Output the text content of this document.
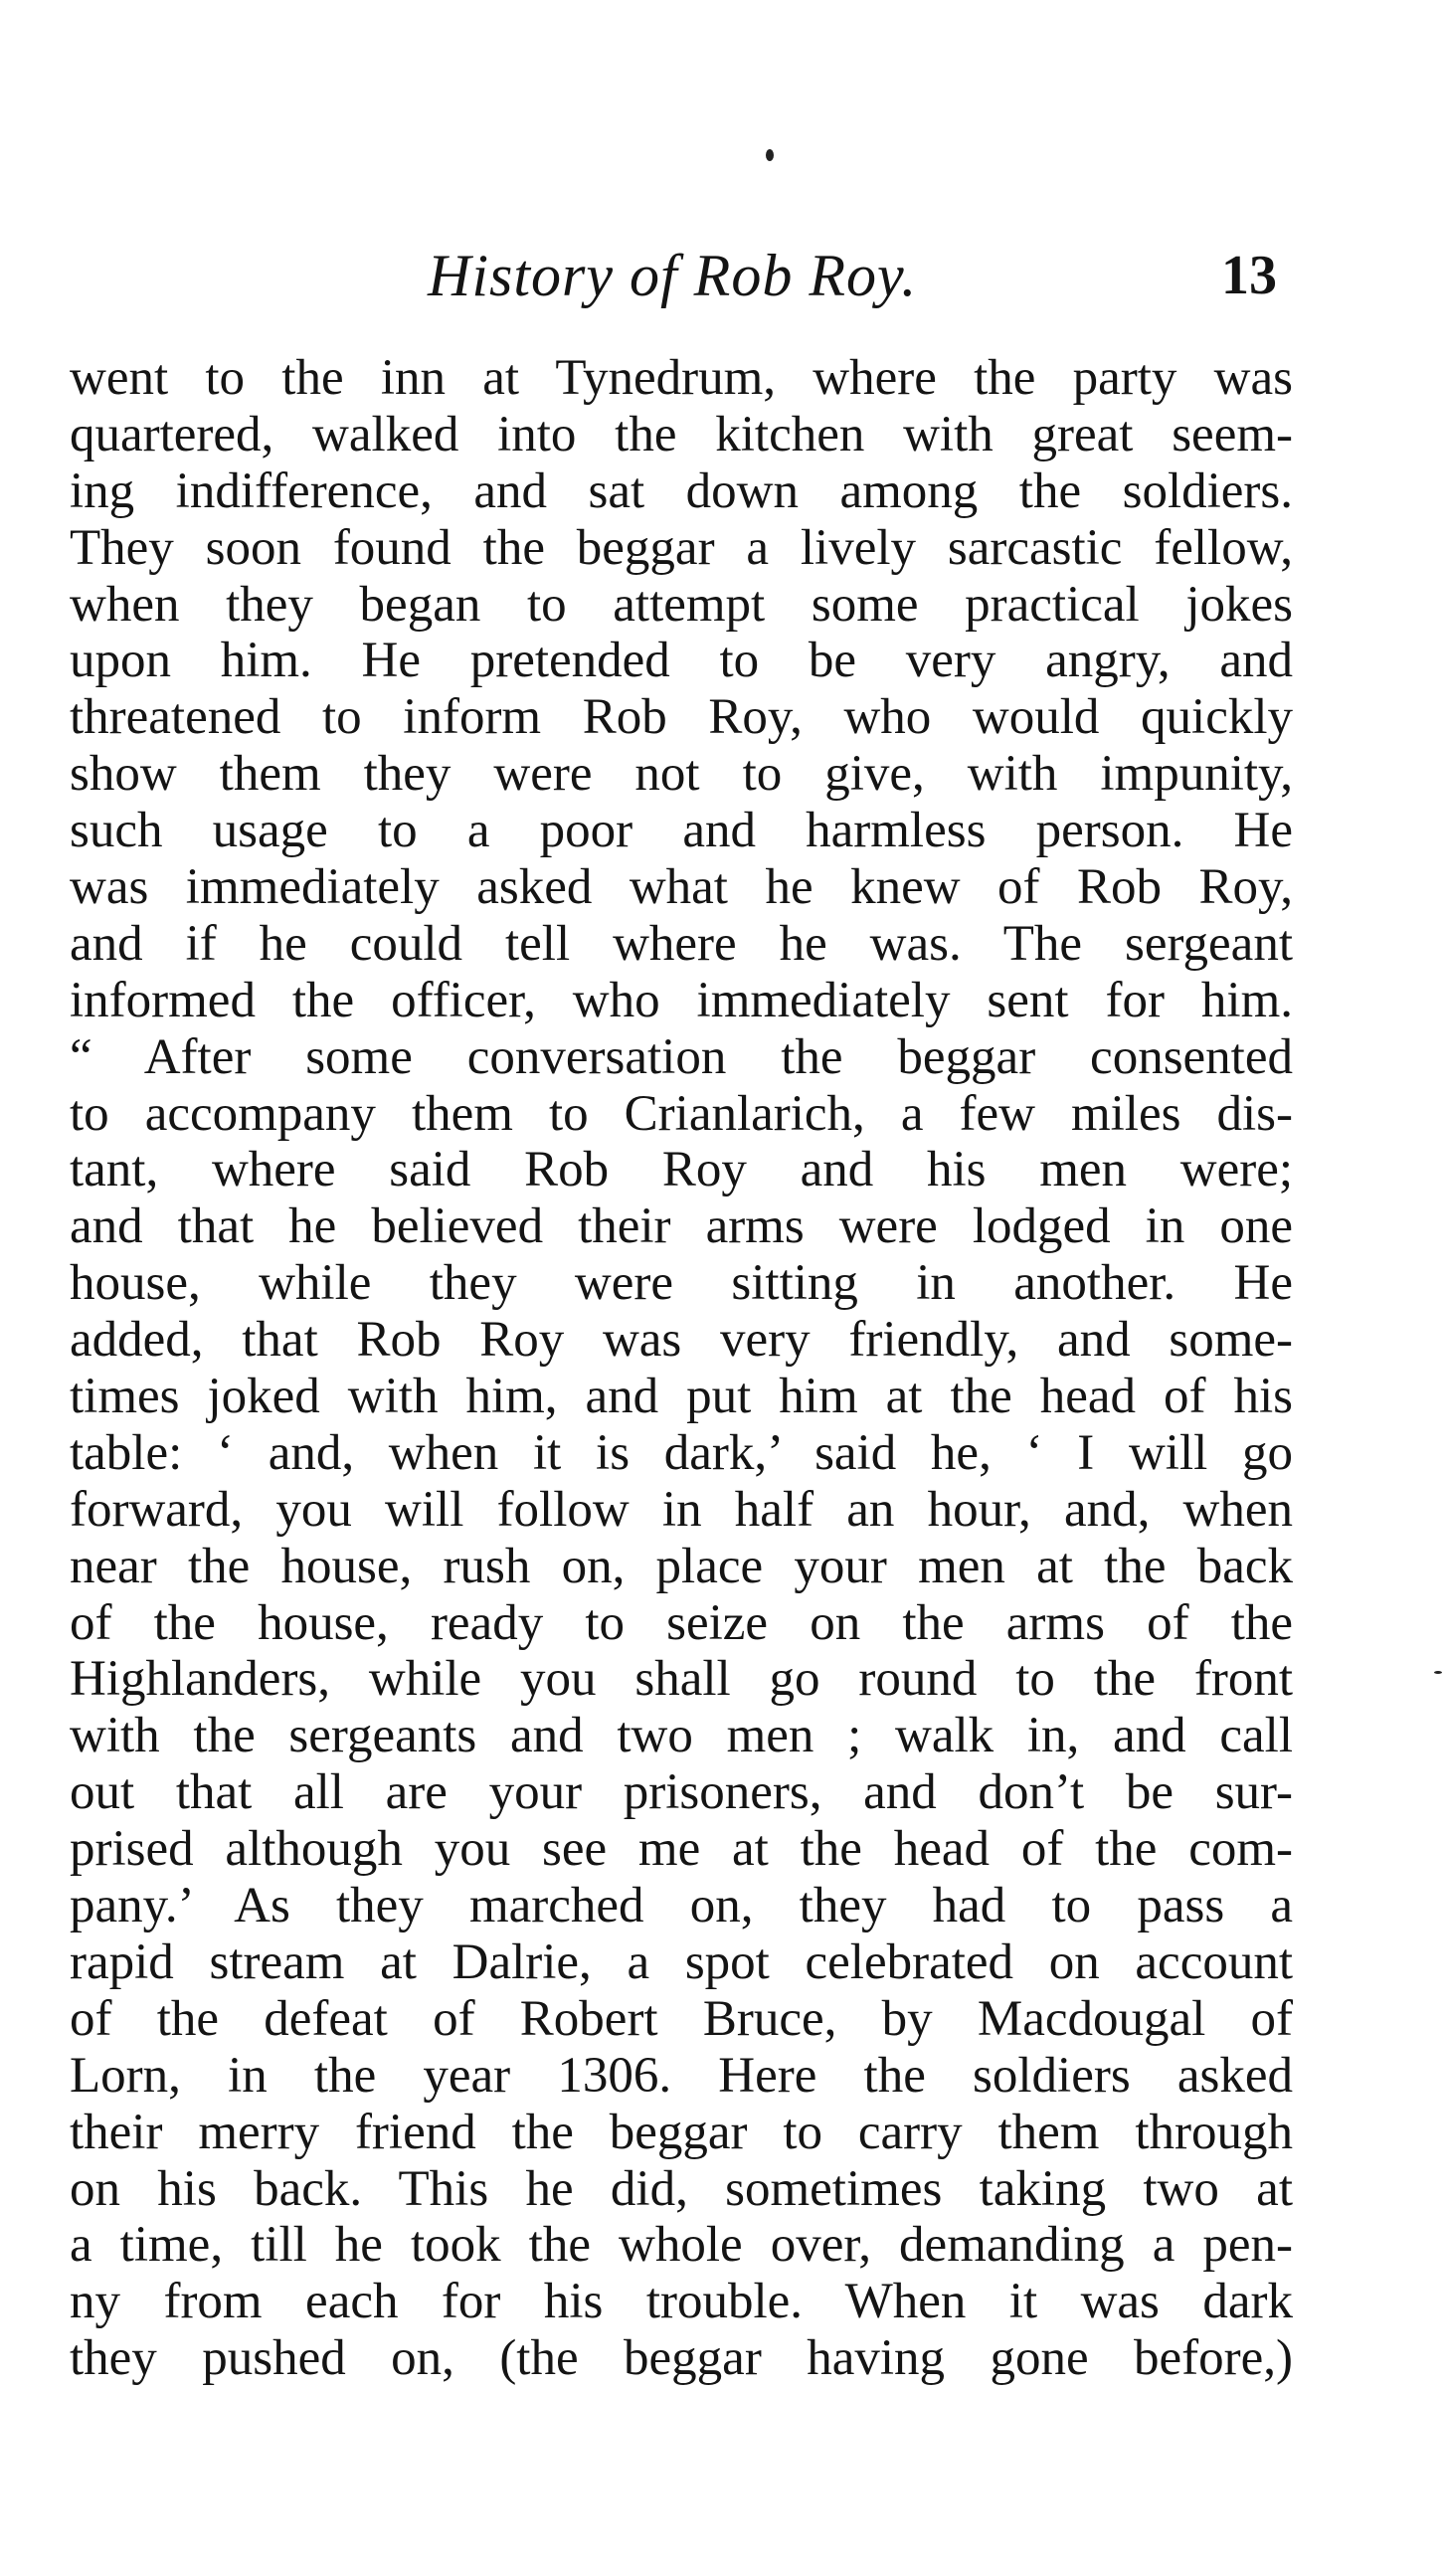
History of Rob Roy.	13
went to the inn at Tynedrum, where the party was
quartered, walked into the kitchen with great seem-
ing indifference, and sat down among the soldiers.
They soon found the beggar a lively sarcastic fellow,
when they began to attempt some practical jokes
upon him. He pretended to be very angry, and
threatened to inform Rob Roy, who would quickly
show them they were not to give, with impunity,
such usage to a poor and harmless person. He
was immediately asked what he knew of Rob Roy,
and if he could tell where he was. The sergeant
informed the officer, who immediately sent for him.
“ After some conversation the beggar consented
to accompany them to Crianlarich, a few miles dis-
tant, where said Rob Roy and his men were;
and that he believed their arms were lodged in one
house, while they were sitting in another. He
added, that Rob Roy was very friendly, and some-
times joked with him, and put him at the head of his
table: ‘ and, when it is dark,’ said he, ‘ I will go
forward, you will follow in half an hour, and, when
near the house, rush on, place your men at the back
of the house, ready to seize on the arms of the
Highlanders, while you shall go round to the front
with the sergeants and two men ; walk in, and call
out that all are your prisoners, and don’t be sur-
prised although you see me at the head of the com-
pany.’ As they marched on, they had to pass a
rapid stream at Dalrie, a spot celebrated on account
of the defeat of Robert Bruce, by Macdougal of
Lorn, in the year 1306. Here the soldiers asked
their merry friend the beggar to carry them through
on his back. This he did, sometimes taking two at
a time, till he took the whole over, demanding a pen-
ny from each for his trouble. When it was dark
they pushed on, (the beggar having gone before,)
